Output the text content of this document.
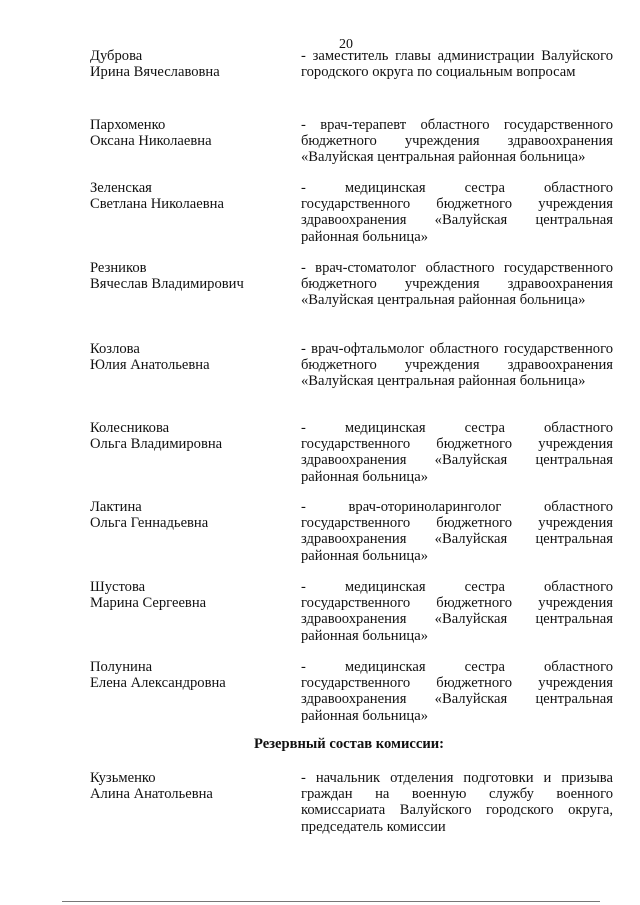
20
Дуброва
Ирина Вячеславовна
- заместитель главы администрации Валуйского городского округа по социальным вопросам
Пархоменко
Оксана Николаевна
- врач-терапевт областного государственного бюджетного учреждения здравоохранения «Валуйская центральная районная больница»
Зеленская
Светлана Николаевна
- медицинская сестра областного государственного бюджетного учреждения здравоохранения «Валуйская центральная районная больница»
Резников
Вячеслав Владимирович
- врач-стоматолог областного государственного бюджетного учреждения здравоохранения «Валуйская центральная районная больница»
Козлова
Юлия Анатольевна
- врач-офтальмолог областного государственного бюджетного учреждения здравоохранения «Валуйская центральная районная больница»
Колесникова
Ольга Владимировна
- медицинская сестра областного государственного бюджетного учреждения здравоохранения «Валуйская центральная районная больница»
Лактина
Ольга Геннадьевна
- врач-оториноларинголог областного государственного бюджетного учреждения здравоохранения «Валуйская центральная районная больница»
Шустова
Марина Сергеевна
- медицинская сестра областного государственного бюджетного учреждения здравоохранения «Валуйская центральная районная больница»
Полунина
Елена Александровна
- медицинская сестра областного государственного бюджетного учреждения здравоохранения «Валуйская центральная районная больница»
Резервный состав комиссии:
Кузьменко
Алина Анатольевна
- начальник отделения подготовки и призыва граждан на военную службу военного комиссариата Валуйского городского округа, председатель комиссии
